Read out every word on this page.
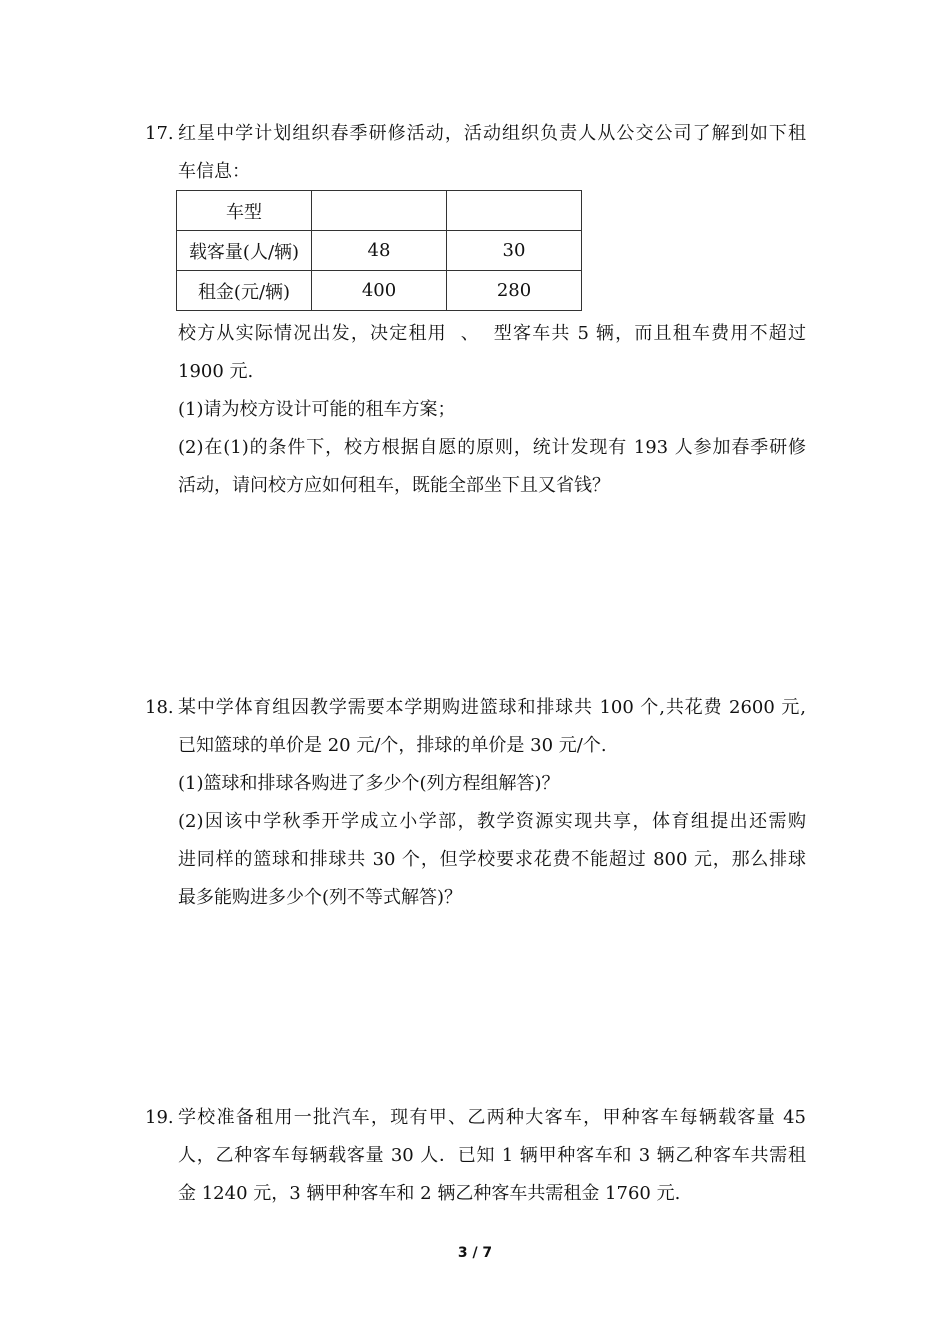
17. 红星中学计划组织春季研修活动，活动组织负责人从公交公司了解到如下租
车信息：
车型		
载客量(人/辆)	48	30
租金(元/辆)	400	280
校方从实际情况出发，决定租用  、  型客车共 5 辆，而且租车费用不超过
1900 元.
(1)请为校方设计可能的租车方案；
(2)在(1)的条件下，校方根据自愿的原则，统计发现有 193 人参加春季研修
活动，请问校方应如何租车，既能全部坐下且又省钱？
18. 某中学体育组因教学需要本学期购进篮球和排球共 100 个,共花费 2600 元,
已知篮球的单价是 20 元/个，排球的单价是 30 元/个.
(1)篮球和排球各购进了多少个(列方程组解答)？
(2)因该中学秋季开学成立小学部，教学资源实现共享，体育组提出还需购
进同样的篮球和排球共 30 个，但学校要求花费不能超过 800 元，那么排球
最多能购进多少个(列不等式解答)？
19. 学校准备租用一批汽车，现有甲、乙两种大客车，甲种客车每辆载客量 45
人，乙种客车每辆载客量 30 人．已知 1 辆甲种客车和 3 辆乙种客车共需租
金 1240 元，3 辆甲种客车和 2 辆乙种客车共需租金 1760 元.
3 / 7
